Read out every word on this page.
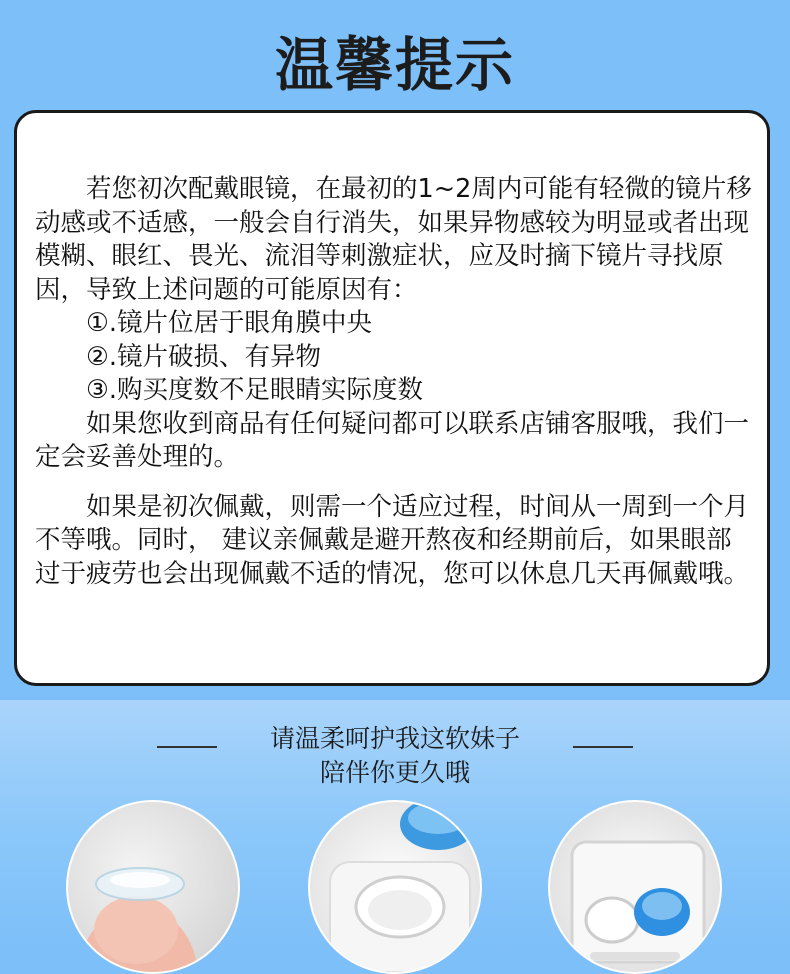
温馨提示

若您初次配戴眼镜，在最初的1~2周内可能有轻微的镜片移动感或不适感，一般会自行消失，如果异物感较为明显或者出现模糊、眼红、畏光、流泪等刺激症状，应及时摘下镜片寻找原因，导致上述问题的可能原因有：

①.镜片位居于眼角膜中央

②.镜片破损、有异物

③.购买度数不足眼睛实际度数

如果您收到商品有任何疑问都可以联系店铺客服哦，我们一定会妥善处理的。

如果是初次佩戴，则需一个适应过程，时间从一周到一个月不等哦。同时， 建议亲佩戴是避开熬夜和经期前后，如果眼部过于疲劳也会出现佩戴不适的情况，您可以休息几天再佩戴哦。

请温柔呵护我这软妹子
陪伴你更久哦
